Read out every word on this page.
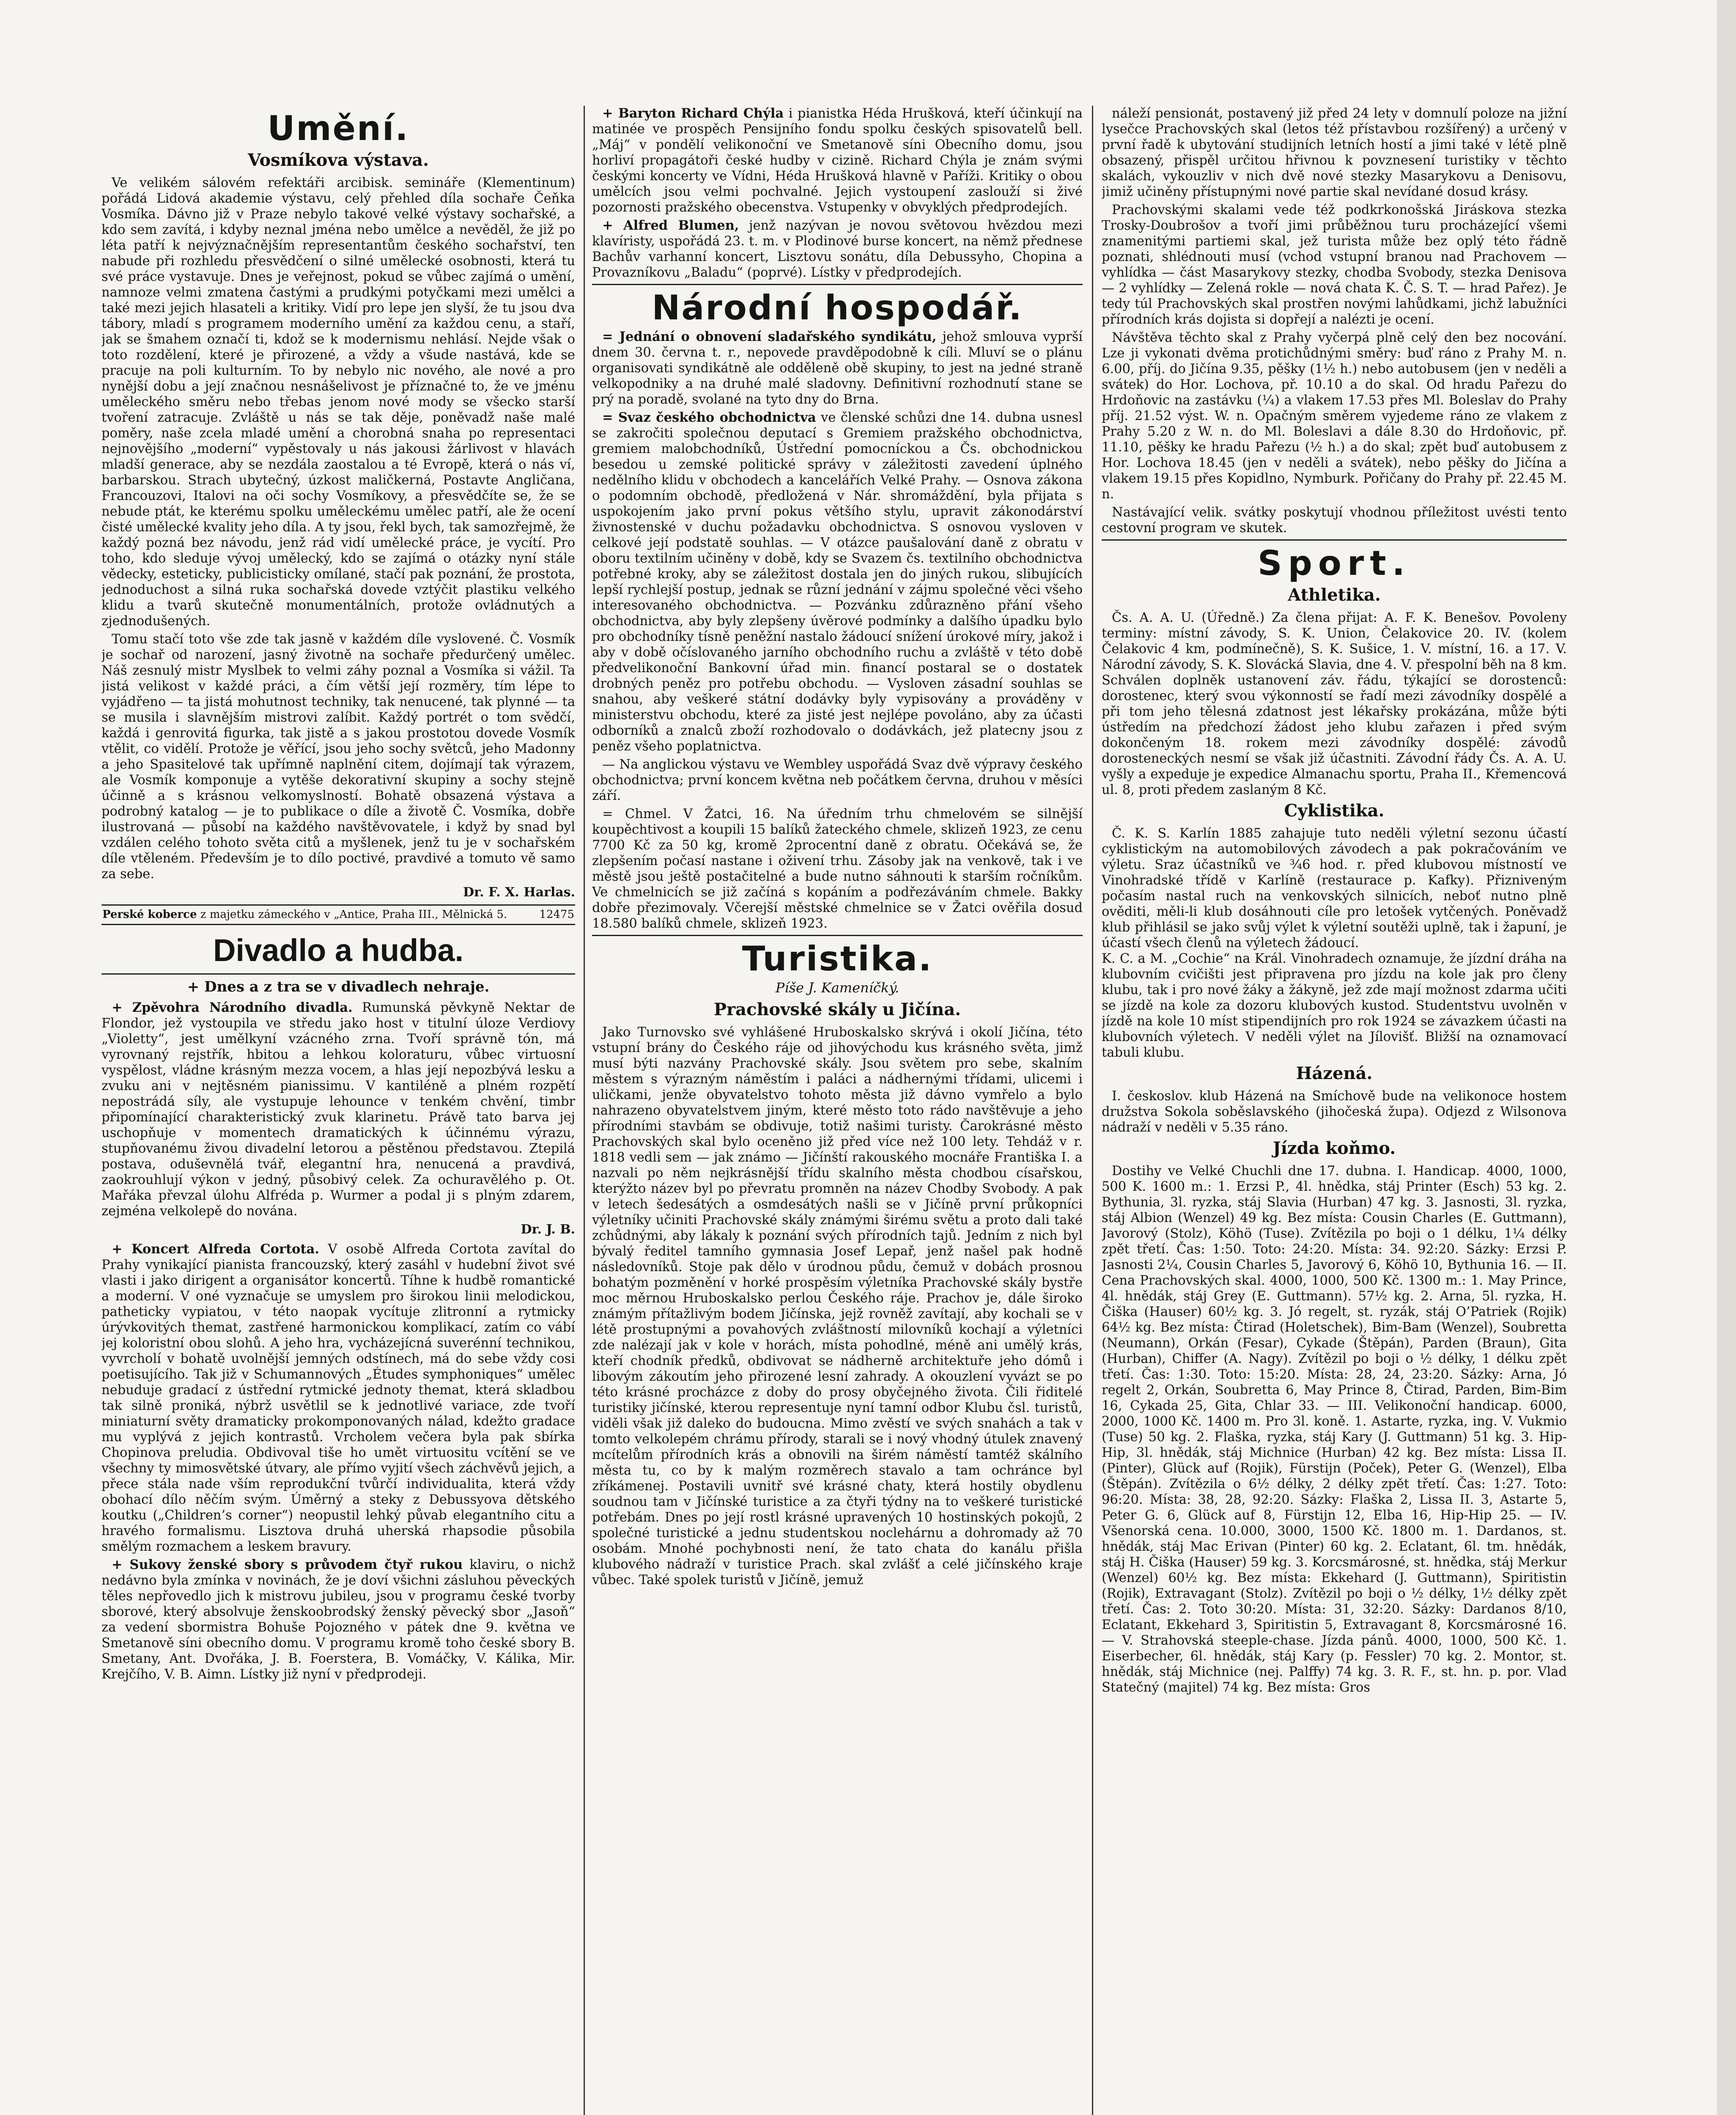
Umění.
Vosmíkova výstava.

Ve velikém sálovém refektáři arcibisk. semináře (Klementinum) pořádá Lidová akademie výstavu, celý přehled díla sochaře Čeňka Vosmíka. Dávno již v Praze nebylo takové velké výstavy sochařské, a kdo sem zavítá, i kdyby neznal jména nebo umělce a nevěděl, že již po léta patří k nejvýznačnějším representantům českého sochařství, ten nabude při rozhledu přesvědčení o silné umělecké osobnosti, která tu své práce vystavuje. Dnes je veřejnost, pokud se vůbec zajímá o umění, namnoze velmi zmatena častými a prudkými potyčkami mezi umělci a také mezi jejich hlasateli a kritiky. Vidí pro lepe jen slyší, že tu jsou dva tábory, mladí s programem moderního umění za každou cenu, a staří, jak se šmahem označí ti, kdož se k modernismu nehlásí. Nejde však o toto rozdělení, které je přirozené, a vždy a všude nastává, kde se pracuje na poli kulturním. To by nebylo nic nového, ale nové a pro nynější dobu a její značnou nesnášelivost je příznačné to, že ve jménu uměleckého směru nebo třebas jenom nové mody se všecko starší tvoření zatracuje. Zvláště u nás se tak děje, poněvadž naše malé poměry, naše zcela mladé umění a chorobná snaha po representaci nejnovějšího „moderní“ vypěstovaly u nás jakousi žárlivost v hlavách mladší generace, aby se nezdála zaostalou a té Evropě, která o nás ví, barbarskou. Strach ubytečný, úzkost maličkerná, Postavte Angličana, Francouzovi, Italovi na oči sochy Vosmíkovy, a přesvědčíte se, že se nebude ptát, ke kterému spolku uměleckému umělec patří, ale že ocení čisté umělecké kvality jeho díla. A ty jsou, řekl bych, tak samozřejmě, že každý pozná bez návodu, jenž rád vidí umělecké práce, je vycítí. Pro toho, kdo sleduje vývoj umělecký, kdo se zajímá o otázky nyní stále vědecky, esteticky, publicisticky omílané, stačí pak poznání, že prostota, jednoduchost a silná ruka sochařská dovede vztýčit plastiku velkého klidu a tvarů skutečně monumentálních, protože ovládnutých a zjednodušených.

Tomu stačí toto vše zde tak jasně v každém díle vyslovené. Č. Vosmík je sochař od narození, jasný životně na sochaře předurčený umělec. Náš zesnulý mistr Myslbek to velmi záhy poznal a Vosmíka si vážil. Ta jistá velikost v každé práci, a čím větší její rozměry, tím lépe to vyjádřeno — ta jistá mohutnost techniky, tak nenucené, tak plynné — ta se musila i slavnějším mistrovi zalíbit. Každý portrét o tom svědčí, každá i genrovitá figurka, tak jistě a s jakou prostotou dovede Vosmík vtělit, co vidělí. Protože je věřící, jsou jeho sochy světců, jeho Madonny a jeho Spasitelové tak upřímně naplnění citem, dojímají tak výrazem, ale Vosmík komponuje a vytěše dekorativní skupiny a sochy stejně účinně a s krásnou velkomyslností. Bohatě obsazená výstava a podrobný katalog — je to publikace o díle a životě Č. Vosmíka, dobře ilustrovaná — působí na každého navštěvovatele, i když by snad byl vzdálen celého tohoto světa citů a myšlenek, jenž tu je v sochařském díle vtěleném. Především je to dílo poctivé, pravdivé a tomuto vě samo za sebe.

Dr. F. X. Harlas.
Perské koberce z majetku zámeckého v „Antice, Praha III., Mělnická 5.	12475
Divadlo a hudba.
+ Dnes a z tra se v divadlech nehraje.

+ Zpěvohra Národního divadla. Rumunská pěvkyně Nektar de Flondor, jež vystoupila ve středu jako host v titulní úloze Verdiovy „Violetty“, jest umělkyní vzácného zrna. Tvoří správně tón, má vyrovnaný rejstřík, hbitou a lehkou koloraturu, vůbec virtuosní vyspělost, vládne krásným mezza vocem, a hlas její nepozbývá lesku a zvuku ani v nejtěsném pianissimu. V kantiléně a plném rozpětí nepostrádá síly, ale vystupuje lehounce v tenkém chvění, timbr připomínající charakteristický zvuk klarinetu. Právě tato barva jej uschopňuje v momentech dramatických k účinnému výrazu, stupňovanému živou divadelní letorou a pěstěnou představou. Ztepilá postava, oduševnělá tvář, elegantní hra, nenucená a pravdivá, zaokrouhlují výkon v jedný, působivý celek. Za ochuravělého p. Ot. Mařáka převzal úlohu Alfréda p. Wurmer a podal ji s plným zdarem, zejména velkolepě do nována.

Dr. J. B.

+ Koncert Alfreda Cortota. V osobě Alfreda Cortota zavítal do Prahy vynikající pianista francouzský, který zasáhl v hudební život své vlasti i jako dirigent a organisátor koncertů. Tíhne k hudbě romantické a moderní. V oné vyznačuje se umyslem pro širokou linii melodickou, patheticky vypiatou, v této naopak vycítuje zlitronní a rytmicky úrývkovitých themat, zastřené harmonickou komplikací, zatím co vábí jej koloristní obou slohů. A jeho hra, vycházejícná suverénní technikou, vyvrcholí v bohatě uvolnější jemných odstínech, má do sebe vždy cosi poetisujícího. Tak již v Schumannových „Études symphoniques“ umělec nebuduje gradací z ústřední rytmické jednoty themat, která skladbou tak silně proniká, nýbrž usvětlil se k jednotlivé variace, zde tvoří miniaturní světy dramaticky prokomponovaných nálad, kdežto gradace mu vyplývá z jejich kontrastů. Vrcholem večera byla pak sbírka Chopinova preludia. Obdivoval tiše ho umět virtuositu vcítění se ve všechny ty mimosvětské útvary, ale přímo vyjití všech záchvěvů jejich, a přece stála nade vším reprodukční tvůrčí individualita, která vždy obohací dílo něčím svým. Úměrný a steky z Debussyova dětského koutku („Children’s corner“) neopustil lehký půvab elegantního citu a hravého formalismu. Lisztova druhá uherská rhapsodie působila smělým rozmachem a leskem bravury.

+ Sukovy ženské sbory s průvodem čtyř rukou klaviru, o nichž nedávno byla zmínka v novinách, že je doví všichni zásluhou pěveckých těles nepřovedlo jich k mistrovu jubileu, jsou v programu české tvorby sborové, který absolvuje ženskoobrodský ženský pěvecký sbor „Jasoň“ za vedení sbormistra Bohuše Pojozného v pátek dne 9. května ve Smetanově síni obecního domu. V programu kromě toho české sbory B. Smetany, Ant. Dvořáka, J. B. Foerstera, B. Vomáčky, V. Kálika, Mir. Krejčího, V. B. Aimn. Lístky již nyní v předprodeji.

+ Baryton Richard Chýla i pianistka Héda Hrušková, kteří účinkují na matinée ve prospěch Pensijního fondu spolku českých spisovatelů bell. „Máj“ v pondělí velikonoční ve Smetanově síni Obecního domu, jsou horliví propagátoři české hudby v cizině. Richard Chýla je znám svými českými koncerty ve Vídni, Héda Hrušková hlavně v Paříži. Kritiky o obou umělcích jsou velmi pochvalné. Jejich vystoupení zaslouží si živé pozornosti pražského obecenstva. Vstupenky v obvyklých předprodejích.

+ Alfred Blumen, jenž nazývan je novou světovou hvězdou mezi klavíristy, uspořádá 23. t. m. v Plodinové burse koncert, na němž přednese Bachův varhanní koncert, Lisztovu sonátu, díla Debussyho, Chopina a Provazníkovu „Baladu“ (poprvé). Lístky v předprodejích.

Národní hospodář.

= Jednání o obnovení sladařského syndikátu, jehož smlouva vyprší dnem 30. června t. r., nepovede pravděpodobně k cíli. Mluví se o plánu organisovati syndikátně ale odděleně obě skupiny, to jest na jedné straně velkopodniky a na druhé malé sladovny. Definitivní rozhodnutí stane se prý na poradě, svolané na tyto dny do Brna.

= Svaz českého obchodnictva ve členské schůzi dne 14. dubna usnesl se zakročiti společnou deputací s Gremiem pražského obchodnictva, gremiem malobchodníků, Ústřední pomocníckou a Čs. obchodnickou besedou u zemské politické správy v záležitosti zavedení úplného nedělního klidu v obchodech a kancelářích Velké Prahy. — Osnova zákona o podomním obchodě, předložená v Nár. shromáždění, byla přijata s uspokojením jako první pokus většího stylu, upravit zákonodárství živnostenské v duchu požadavku obchodnictva. S osnovou vysloven v celkové její podstatě souhlas. — V otázce paušalování daně z obratu v oboru textilním učiněny v době, kdy se Svazem čs. textilního obchodnictva potřebné kroky, aby se záležitost dostala jen do jiných rukou, slibujících lepší rychlejší postup, jednak se různí jednání v zájmu společné věci všeho interesovaného obchodnictva. — Pozvánku zdůrazněno přání všeho obchodnictva, aby byly zlepšeny úvěrové podmínky a dalšího úpadku bylo pro obchodníky tísně peněžní nastalo žádoucí snížení úrokové míry, jakož i aby v době očíslovaného jarního obchodního ruchu a zvláště v této době předvelikonoční Bankovní úřad min. financí postaral se o dostatek drobných peněz pro potřebu obchodu. — Vysloven zásadní souhlas se snahou, aby veškeré státní dodávky byly vypisovány a prováděny v ministerstvu obchodu, které za jisté jest nejlépe povoláno, aby za účasti odborníků a znalců zboží rozhodovalo o dodávkách, jež platecny jsou z peněz všeho poplatnictva.

— Na anglickou výstavu ve Wembley uspořádá Svaz dvě výpravy českého obchodnictva; první koncem května neb počátkem června, druhou v měsíci září.

= Chmel. V Žatci, 16. Na úředním trhu chmelovém se silnější koupěchtivost a koupili 15 balíků žateckého chmele, sklizeň 1923, ze cenu 7700 Kč za 50 kg, kromě 2procentní daně z obratu. Očekává se, že zlepšením počasí nastane i oživení trhu. Zásoby jak na venkově, tak i ve městě jsou ještě postačitelné a bude nutno sáhnouti k starším ročníkům. Ve chmelnicích se již začíná s kopáním a podřezáváním chmele. Bakky dobře přezimovaly. Včerejší městské chmelnice se v Žatci ověřila dosud 18.580 balíků chmele, sklizeň 1923.

Turistika.
Píše J. Kameníčký.
Prachovské skály u Jičína.

Jako Turnovsko své vyhlášené Hruboskalsko skrývá i okolí Jičína, této vstupní brány do Českého ráje od jihovýchodu kus krásného světa, jimž musí býti nazvány Prachovské skály. Jsou světem pro sebe, skalním městem s výrazným náměstím i paláci a nádhernými třídami, ulicemi i uličkami, jenže obyvatelstvo tohoto města již dávno vymřelo a bylo nahrazeno obyvatelstvem jiným, které město toto rádo navštěvuje a jeho přírodními stavbám se obdivuje, totiž našimi turisty. Čarokrásné město Prachovských skal bylo oceněno již před více než 100 lety. Tehdáž v r. 1818 vedli sem — jak známo — Jičínští rakouského mocnáře Františka I. a nazvali po něm nejkrásnější třídu skalního města chodbou císařskou, kterýžto název byl po převratu promněn na název Chodby Svobody. A pak v letech šedesátých a osmdesátých našli se v Jičíně první průkopníci výletníky učiniti Prachovské skály známými širému světu a proto dali také zchůdnými, aby lákaly k poznání svých přírodních tajů. Jedním z nich byl bývalý ředitel tamního gymnasia Josef Lepař, jenž našel pak hodně následovníků. Stoje pak dělo v úrodnou půdu, čemuž v dobách prosnou bohatým pozměnění v horké prospěsím výletníka Prachovské skály bystře moc měrnou Hruboskalsko perlou Českého ráje. Prachov je, dále široko známým přítažlivým bodem Jičínska, jejž rovněž zavítají, aby kochali se v létě prostupnými a povahových zvláštností milovníků kochají a výletníci zde nalézají jak v kole v horách, místa pohodlné, méně ani umělý krás, kteří chodník předků, obdivovat se nádherně architektuře jeho dómů i libovým zákoutím jeho přirozené lesní zahrady. A okouzlení vyvázt se po této krásné procházce z doby do prosy obyčejného života. Čili řiditelé turistiky jičínské, kterou representuje nyní tamní odbor Klubu čsl. turistů, viděli však již daleko do budoucna. Mimo zvěstí ve svých snahách a tak v tomto velkolepém chrámu přírody, starali se i nový vhodný útulek znavený mcítelům přírodních krás a obnovili na širém náměstí tamtéž skálního města tu, co by k malým rozměrech stavalo a tam ochránce byl zříkámenej. Postavili uvnitř své krásné chaty, která hostily obydlenu soudnou tam v Jičínské turistice a za čtyři týdny na to veškeré turistické potřebám. Dnes po její rostl krásné upravených 10 hostinských pokojů, 2 společné turistické a jednu studentskou noclehárnu a dohromady až 70 osobám. Mnohé pochybnosti není, že tato chata do kanálu přišla klubového nádraží v turistice Prach. skal zvlášť a celé jičínského kraje vůbec. Také spolek turistů v Jičíně, jemuž

náleží pensionát, postavený již před 24 lety v domnulí poloze na jižní lysečce Prachovských skal (letos též přístavbou rozšířený) a určený v první řadě k ubytování studijních letních hostí a jimi také v létě plně obsazený, přispěl určitou hřivnou k povznesení turistiky v těchto skalách, vykouzliv v nich dvě nové stezky Masarykovu a Denisovu, jimiž učiněny přístupnými nové partie skal nevídané dosud krásy.

Prachovskými skalami vede též podkrkonošská Jiráskova stezka Trosky-Doubrošov a tvoří jimi průběžnou turu procházející všemi znamenitými partiemi skal, jež turista může bez oplý této řádně poznati, shlédnouti musí (vchod vstupní branou nad Prachovem — vyhlídka — část Masarykovy stezky, chodba Svobody, stezka Denisova — 2 vyhlídky — Zelená rokle — nová chata K. Č. S. T. — hrad Pařez). Je tedy túl Prachovských skal prostřen novými lahůdkami, jichž labužníci přírodních krás dojista si dopřejí a nalézti je ocení.

Návštěva těchto skal z Prahy vyčerpá plně celý den bez nocování. Lze ji vykonati dvěma protichůdnými směry: buď ráno z Prahy M. n. 6.00, příj. do Jičína 9.35, pěšky (1½ h.) nebo autobusem (jen v neděli a svátek) do Hor. Lochova, př. 10.10 a do skal. Od hradu Pařezu do Hrdoňovic na zastávku (¼) a vlakem 17.53 přes Ml. Boleslav do Prahy příj. 21.52 výst. W. n. Opačným směrem vyjedeme ráno ze vlakem z Prahy 5.20 z W. n. do Ml. Boleslavi a dále 8.30 do Hrdoňovic, př. 11.10, pěšky ke hradu Pařezu (½ h.) a do skal; zpět buď autobusem z Hor. Lochova 18.45 (jen v neděli a svátek), nebo pěšky do Jičína a vlakem 19.15 přes Kopidlno, Nymburk. Pořičany do Prahy př. 22.45 M. n.

Nastávající velik. svátky poskytují vhodnou příležitost uvésti tento cestovní program ve skutek.

Sport.
Athletika.

Čs. A. A. U. (Úředně.) Za člena přijat: A. F. K. Benešov. Povoleny terminy: místní závody, S. K. Union, Čelakovice 20. IV. (kolem Čelakovic 4 km, podmínečně), S. K. Sušice, 1. V. místní, 16. a 17. V. Národní závody, S. K. Slovácká Slavia, dne 4. V. přespolní běh na 8 km. Schválen doplněk ustanovení záv. řádu, týkající se dorostenců: dorostenec, který svou výkonností se řadí mezi závodníky dospělé a při tom jeho tělesná zdatnost jest lékařsky prokázána, může býti ústředím na předchozí žádost jeho klubu zařazen i před svým dokončeným 18. rokem mezi závodníky dospělé: závodů dorosteneckých nesmí se však již účastniti. Závodní řády Čs. A. A. U. vyšly a expeduje je expedice Almanachu sportu, Praha II., Křemencová ul. 8, proti předem zaslaným 8 Kč.

Cyklistika.

Č. K. S. Karlín 1885 zahajuje tuto neděli výletní sezonu účastí cyklistickým na automobilových závodech a pak pokračováním ve výletu. Sraz účastníků ve ¾6 hod. r. před klubovou místností ve Vinohradské třídě v Karlíně (restaurace p. Kafky). Přizniveným počasím nastal ruch na venkovských silnicích, neboť nutno plně ověditi, měli-li klub dosáhnouti cíle pro letošek vytčených. Poněvadž klub přihlásil se jako svůj výlet k výletní soutěži uplně, tak i žapuní, je účastí všech členů na výletech žádoucí.
K. C. a M. „Cochie“ na Král. Vinohradech oznamuje, že jízdní dráha na klubovním cvičišti jest připravena pro jízdu na kole jak pro členy klubu, tak i pro nové žáky a žákyně, jež zde mají možnost zdarma učiti se jízdě na kole za dozoru klubových kustod. Studentstvu uvolněn v jízdě na kole 10 míst stipendijních pro rok 1924 se závazkem účasti na klubovních výletech. V neděli výlet na Jílovišť. Bližší na oznamovací tabuli klubu.

Házená.

I. českoslov. klub Házená na Smíchově bude na velikonoce hostem družstva Sokola soběslavského (jihočeská župa). Odjezd z Wilsonova nádraží v neděli v 5.35 ráno.

Jízda koňmo.

Dostihy ve Velké Chuchli dne 17. dubna. I. Handicap. 4000, 1000, 500 K. 1600 m.: 1. Erzsi P., 4l. hnědka, stáj Printer (Esch) 53 kg. 2. Bythunia, 3l. ryzka, stáj Slavia (Hurban) 47 kg. 3. Jasnosti, 3l. ryzka, stáj Albion (Wenzel) 49 kg. Bez místa: Cousin Charles (E. Guttmann), Javorový (Stolz), Köhö (Tuse). Zvítězila po boji o 1 délku, 1¼ délky zpět třetí. Čas: 1:50. Toto: 24:20. Místa: 34. 92:20. Sázky: Erzsi P. Jasnosti 2¼, Cousin Charles 5, Javorový 6, Köhö 10, Bythunia 16. — II. Cena Prachovských skal. 4000, 1000, 500 Kč. 1300 m.: 1. May Prince, 4l. hnědák, stáj Grey (E. Guttmann). 57½ kg. 2. Arna, 5l. ryzka, H. Čiška (Hauser) 60½ kg. 3. Jó regelt, st. ryzák, stáj O’Patriek (Rojik) 64½ kg. Bez místa: Čtirad (Holetschek), Bim-Bam (Wenzel), Soubretta (Neumann), Orkán (Fesar), Cykade (Štěpán), Parden (Braun), Gita (Hurban), Chiffer (A. Nagy). Zvítězil po boji o ½ délky, 1 délku zpět třetí. Čas: 1:30. Toto: 15:20. Místa: 28, 24, 23:20. Sázky: Arna, Jó regelt 2, Orkán, Soubretta 6, May Prince 8, Čtirad, Parden, Bim-Bim 16, Cykada 25, Gita, Chlar 33. — III. Velikonoční handicap. 6000, 2000, 1000 Kč. 1400 m. Pro 3l. koně. 1. Astarte, ryzka, ing. V. Vukmio (Tuse) 50 kg. 2. Flaška, ryzka, stáj Kary (J. Guttmann) 51 kg. 3. Hip-Hip, 3l. hnědák, stáj Michnice (Hurban) 42 kg. Bez místa: Lissa II. (Pinter), Glück auf (Rojik), Fürstijn (Poček), Peter G. (Wenzel), Elba (Štěpán). Zvítězila o 6½ délky, 2 délky zpět třetí. Čas: 1:27. Toto: 96:20. Místa: 38, 28, 92:20. Sázky: Flaška 2, Lissa II. 3, Astarte 5, Peter G. 6, Glück auf 8, Fürstijn 12, Elba 16, Hip-Hip 25. — IV. Všenorská cena. 10.000, 3000, 1500 Kč. 1800 m. 1. Dardanos, st. hnědák, stáj Mac Erivan (Pinter) 60 kg. 2. Eclatant, 6l. tm. hnědák, stáj H. Čiška (Hauser) 59 kg. 3. Korcsmárosné, st. hnědka, stáj Merkur (Wenzel) 60½ kg. Bez místa: Ekkehard (J. Guttmann), Spiritistin (Rojik), Extravagant (Stolz). Zvítězil po boji o ½ délky, 1½ délky zpět třetí. Čas: 2. Toto 30:20. Místa: 31, 32:20. Sázky: Dardanos 8/10, Eclatant, Ekkehard 3, Spiritistin 5, Extravagant 8, Korcsmárosné 16. — V. Strahovská steeple-chase. Jízda pánů. 4000, 1000, 500 Kč. 1. Eiserbecher, 6l. hnědák, stáj Kary (p. Fessler) 70 kg. 2. Montor, st. hnědák, stáj Michnice (nej. Palffy) 74 kg. 3. R. F., st. hn. p. por. Vlad Statečný (majitel) 74 kg. Bez místa: Gros
